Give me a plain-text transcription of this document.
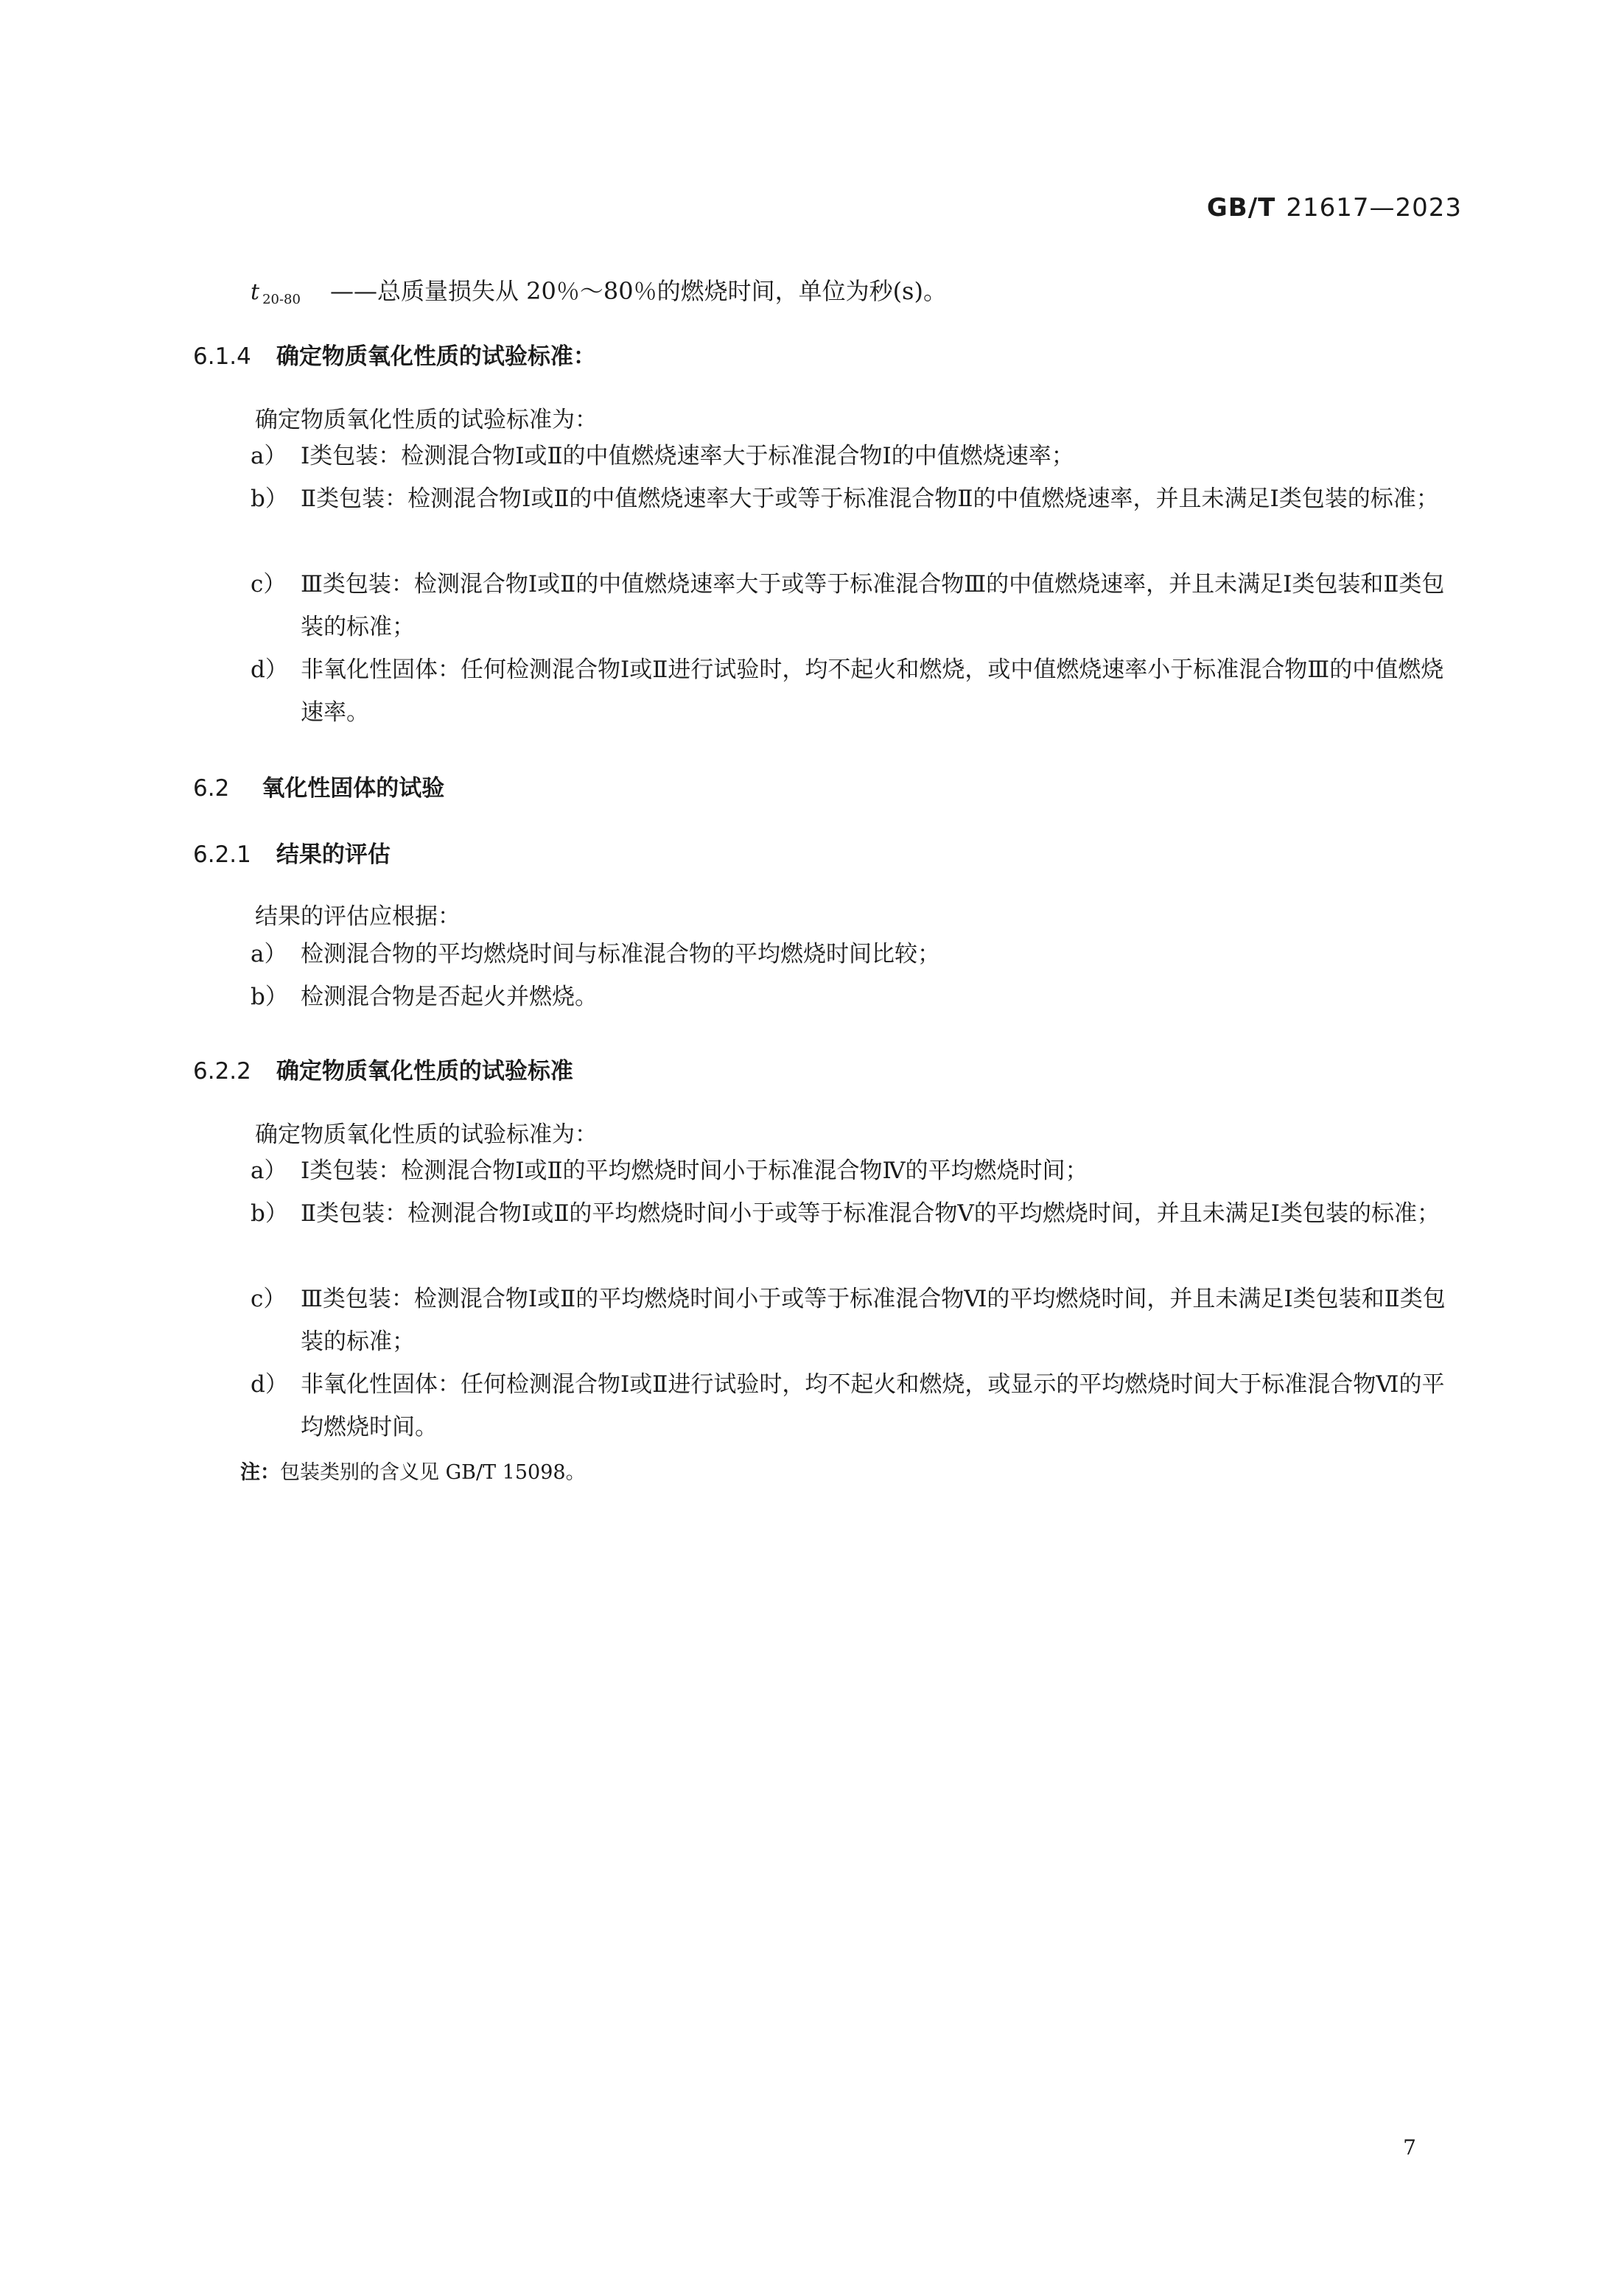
GB/T 21617—2023
t $_{20-80}$ ——总质量损失从 20％～80％的燃烧时间，单位为秒(s)。
6.1.4 确定物质氧化性质的试验标准：
确定物质氧化性质的试验标准为：
a） Ⅰ类包装：检测混合物Ⅰ或Ⅱ的中值燃烧速率大于标准混合物Ⅰ的中值燃烧速率；
b） Ⅱ类包装：检测混合物Ⅰ或Ⅱ的中值燃烧速率大于或等于标准混合物Ⅱ的中值燃烧速率，并且未满足Ⅰ类包装的标准；
c） Ⅲ类包装：检测混合物Ⅰ或Ⅱ的中值燃烧速率大于或等于标准混合物Ⅲ的中值燃烧速率，并且未满足Ⅰ类包装和Ⅱ类包装的标准；
d） 非氧化性固体：任何检测混合物Ⅰ或Ⅱ进行试验时，均不起火和燃烧，或中值燃烧速率小于标准混合物Ⅲ的中值燃烧速率。
6.2 氧化性固体的试验
6.2.1 结果的评估
结果的评估应根据：
a） 检测混合物的平均燃烧时间与标准混合物的平均燃烧时间比较；
b） 检测混合物是否起火并燃烧。
6.2.2 确定物质氧化性质的试验标准
确定物质氧化性质的试验标准为：
a） Ⅰ类包装：检测混合物Ⅰ或Ⅱ的平均燃烧时间小于标准混合物Ⅳ的平均燃烧时间；
b） Ⅱ类包装：检测混合物Ⅰ或Ⅱ的平均燃烧时间小于或等于标准混合物Ⅴ的平均燃烧时间，并且未满足Ⅰ类包装的标准；
c） Ⅲ类包装：检测混合物Ⅰ或Ⅱ的平均燃烧时间小于或等于标准混合物Ⅵ的平均燃烧时间，并且未满足Ⅰ类包装和Ⅱ类包装的标准；
d） 非氧化性固体：任何检测混合物Ⅰ或Ⅱ进行试验时，均不起火和燃烧，或显示的平均燃烧时间大于标准混合物Ⅵ的平均燃烧时间。
注：包装类别的含义见 GB/T 15098。
7
